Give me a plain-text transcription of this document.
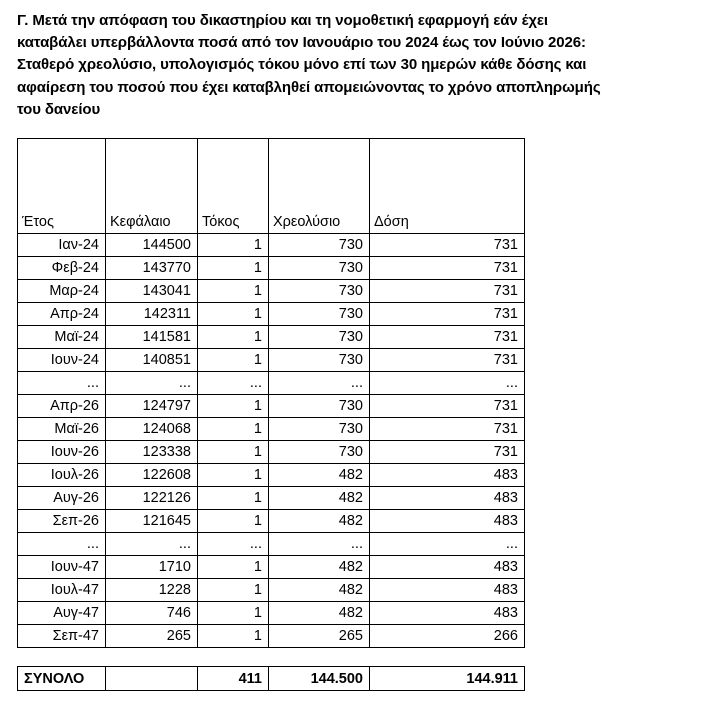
Γ. Μετά την απόφαση του δικαστηρίου και τη νομοθετική εφαρμογή εάν έχει
καταβάλει υπερβάλλοντα ποσά από τον Ιανουάριο του 2024 έως τον Ιούνιο 2026:
Σταθερό χρεολύσιο, υπολογισμός τόκου μόνο επί των 30 ημερών κάθε δόσης και
αφαίρεση του ποσού που έχει καταβληθεί απομειώνοντας το χρόνο αποπληρωμής
του δανείου
Έτος	Κεφάλαιο	Τόκος	Χρεολύσιο	Δόση
Ιαν-24	144500	1	730	731
Φεβ-24	143770	1	730	731
Μαρ-24	143041	1	730	731
Απρ-24	142311	1	730	731
Μαϊ-24	141581	1	730	731
Ιουν-24	140851	1	730	731
...	...	...	...	...
Απρ-26	124797	1	730	731
Μαϊ-26	124068	1	730	731
Ιουν-26	123338	1	730	731
Ιουλ-26	122608	1	482	483
Αυγ-26	122126	1	482	483
Σεπ-26	121645	1	482	483
...	...	...	...	...
Ιουν-47	1710	1	482	483
Ιουλ-47	1228	1	482	483
Αυγ-47	746	1	482	483
Σεπ-47	265	1	265	266
ΣΥΝΟΛΟ		411	144.500	144.911
